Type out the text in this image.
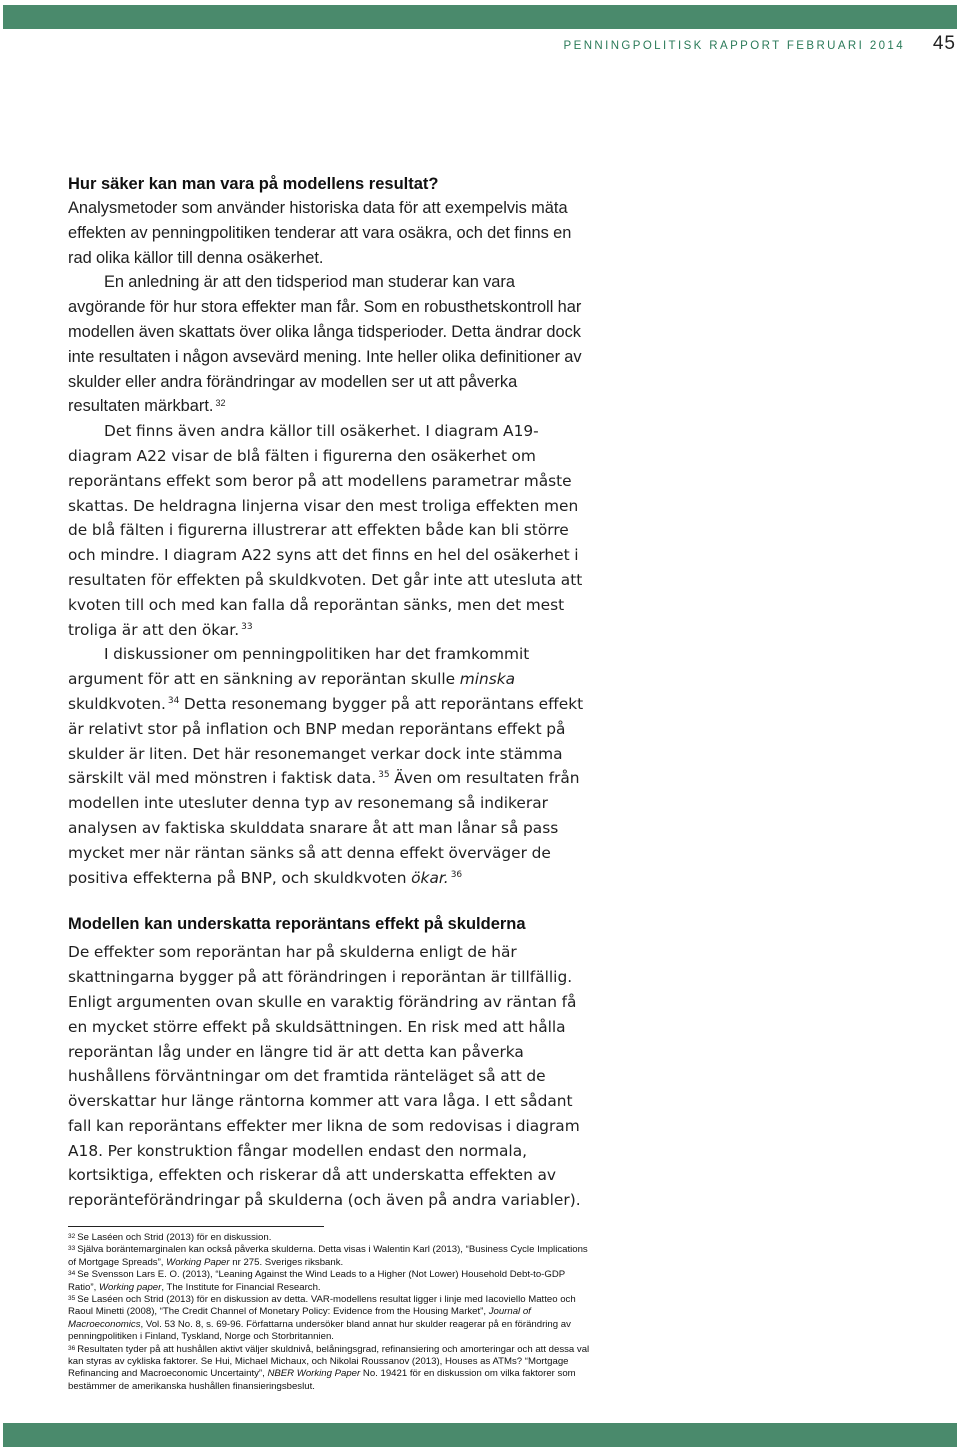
PENNINGPOLITISK RAPPORT FEBRUARI 2014 45
Hur säker kan man vara på modellens resultat?

Analysmetoder som använder historiska data för att exempelvis mäta effekten av penningpolitiken tenderar att vara osäkra, och det finns en rad olika källor till denna osäkerhet.

En anledning är att den tidsperiod man studerar kan vara avgörande för hur stora effekter man får. Som en robusthetskontroll har modellen även skattats över olika långa tidsperioder. Detta ändrar dock inte resultaten i någon avsevärd mening. Inte heller olika definitioner av skulder eller andra förändringar av modellen ser ut att påverka resultaten märkbart. $^{32}$

Det finns även andra källor till osäkerhet. I diagram A19-diagram A22 visar de blå fälten i figurerna den osäkerhet om reporäntans effekt som beror på att modellens parametrar måste skattas. De heldragna linjerna visar den mest troliga effekten men de blå fälten i figurerna illustrerar att effekten både kan bli större och mindre. I diagram A22 syns att det finns en hel del osäkerhet i resultaten för effekten på skuldkvoten. Det går inte att utesluta att kvoten till och med kan falla då reporäntan sänks, men det mest troliga är att den ökar. $^{33}$

I diskussioner om penningpolitiken har det framkommit argument för att en sänkning av reporäntan skulle minska skuldkvoten. $^{34}$ Detta resonemang bygger på att reporäntans effekt är relativt stor på inflation och BNP medan reporäntans effekt på skulder är liten. Det här resonemanget verkar dock inte stämma särskilt väl med mönstren i faktisk data. $^{35}$ Även om resultaten från modellen inte utesluter denna typ av resonemang så indikerar analysen av faktiska skulddata snarare åt att man lånar så pass mycket mer när räntan sänks så att denna effekt överväger de positiva effekterna på BNP, och skuldkvoten ökar. $^{36}$

Modellen kan underskatta reporäntans effekt på skulderna

De effekter som reporäntan har på skulderna enligt de här skattningarna bygger på att förändringen i reporäntan är tillfällig. Enligt argumenten ovan skulle en varaktig förändring av räntan få en mycket större effekt på skuldsättningen. En risk med att hålla reporäntan låg under en längre tid är att detta kan påverka hushållens förväntningar om det framtida ränteläget så att de överskattar hur länge räntorna kommer att vara låga. I ett sådant fall kan reporäntans effekter mer likna de som redovisas i diagram A18. Per konstruktion fångar modellen endast den normala, kortsiktiga, effekten och riskerar då att underskatta effekten av reporänteförändringar på skulderna (och även på andra variabler).

$^{32}$ Se Laséen och Strid (2013) för en diskussion.
$^{33}$ Själva boräntemarginalen kan också påverka skulderna. Detta visas i Walentin Karl (2013), “Business Cycle Implications of Mortgage Spreads”, Working Paper nr 275. Sveriges riksbank.
$^{34}$ Se Svensson Lars E. O. (2013), “Leaning Against the Wind Leads to a Higher (Not Lower) Household Debt-to-GDP Ratio”, Working paper, The Institute for Financial Research.
$^{35}$ Se Laséen och Strid (2013) för en diskussion av detta. VAR-modellens resultat ligger i linje med Iacoviello Matteo och Raoul Minetti (2008), “The Credit Channel of Monetary Policy: Evidence from the Housing Market”, Journal of Macroeconomics, Vol. 53 No. 8, s. 69-96. Författarna undersöker bland annat hur skulder reagerar på en förändring av penningpolitiken i Finland, Tyskland, Norge och Storbritannien.
$^{36}$ Resultaten tyder på att hushållen aktivt väljer skuldnivå, belåningsgrad, refinansiering och amorteringar och att dessa val kan styras av cykliska faktorer. Se Hui, Michael Michaux, och Nikolai Roussanov (2013), Houses as ATMs? “Mortgage Refinancing and Macroeconomic Uncertainty”, NBER Working Paper No. 19421 för en diskussion om vilka faktorer som bestämmer de amerikanska hushållen finansieringsbeslut.
